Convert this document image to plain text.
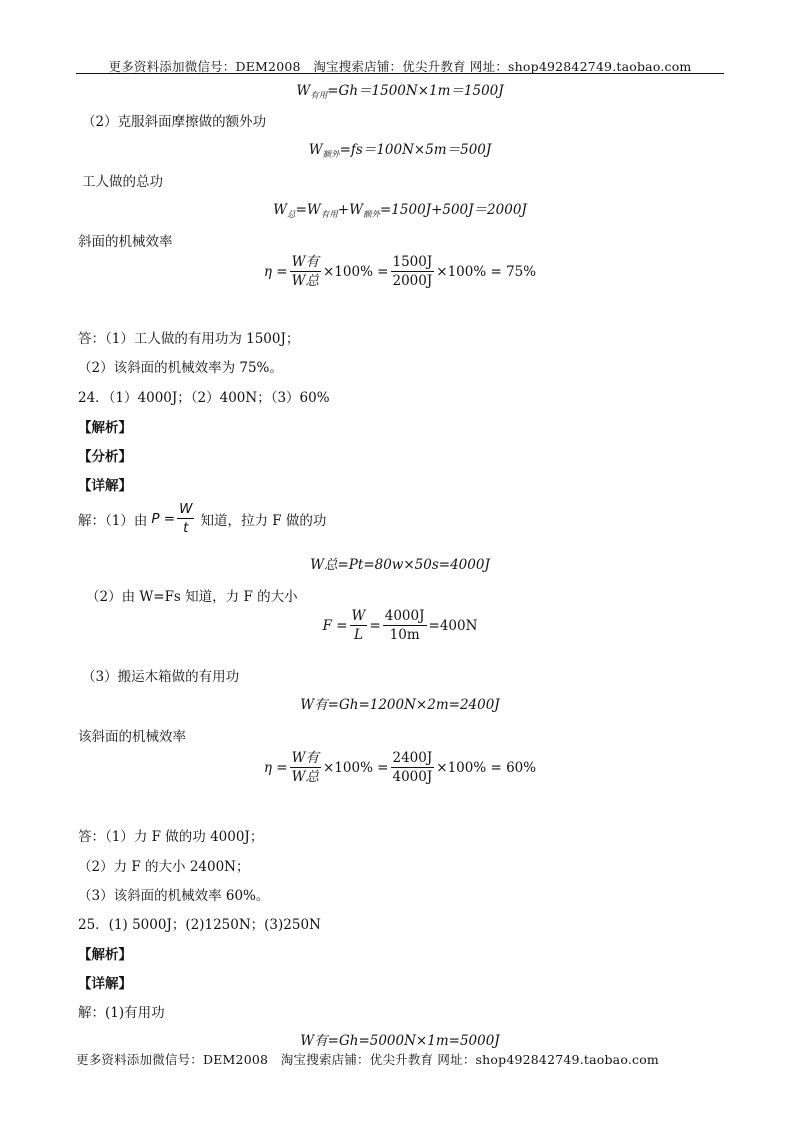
更多资料添加微信号：DEM2008　淘宝搜索店铺：优尖升教育 网址：shop492842749.taobao.com
$W_{有用}=Gh=1500N\times 1m=1500J$
（2）克服斜面摩擦做的额外功
$W_{额外}=fs=100N\times 5m=500J$
工人做的总功
$W_总=W_{有用}+W_{额外}=1500J+500J=2000J$
斜面的机械效率
$\eta = \frac{\text{W有}}{\text{W总}} \times 100\% = \frac{1500J}{2000J} \times 100\% = 75\%$
答：（1）工人做的有用功为 1500J；
（2）该斜面的机械效率为 75%。
24．（1）4000J；（2）400N；（3）60%
【解析】
【分析】
【详解】
解：（1）由 $P = \frac{W}{t}$ 知道，拉力 F 做的功
W总=Pt=80w×50s=4000J
（2）由 W=Fs 知道，力 F 的大小
$F = \frac{W}{L} = \frac{4000J}{10m} =400N$
（3）搬运木箱做的有用功
W有=Gh=1200N×2m=2400J
该斜面的机械效率
$\eta = \frac{\text{W有}}{\text{W总}} \times 100\% = \frac{2400J}{4000J} \times 100\% = 60\%$
答：（1）力 F 做的功 4000J；
（2）力 F 的大小 2400N；
（3）该斜面的机械效率 60%。
25．(1) 5000J；(2)1250N；(3)250N
【解析】
【详解】
解：(1)有用功
W有=Gh=5000N×1m=5000J
更多资料添加微信号：DEM2008　淘宝搜索店铺：优尖升教育 网址：shop492842749.taobao.com
